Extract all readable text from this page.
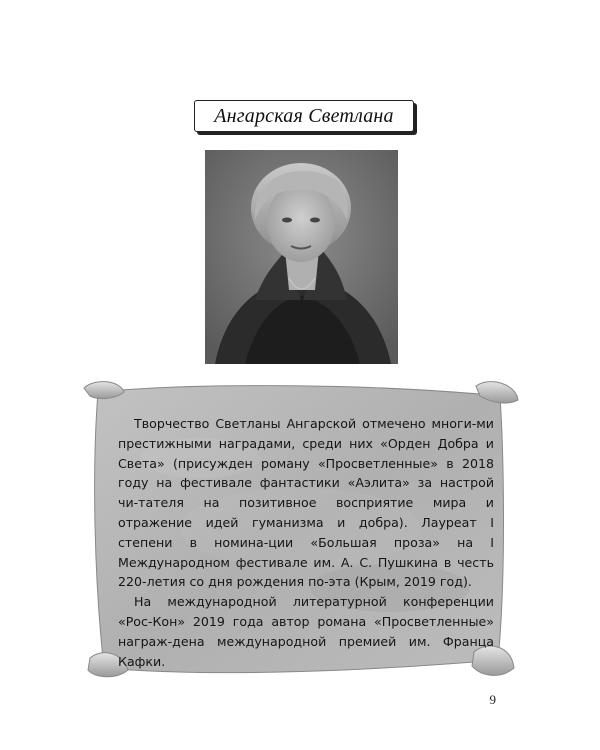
Ангарская Светлана

Творчество Светланы Ангарской отмечено многи-ми престижными наградами, среди них «Орден Добра и Света» (присужден роману «Просветленные» в 2018 году на фестивале фантастики «Аэлита» за настрой чи-тателя на позитивное восприятие мира и отражение идей гуманизма и добра). Лауреат I степени в номина-ции «Большая проза» на I Международном фестивале им. А. С. Пушкина в честь 220-летия со дня рождения по-эта (Крым, 2019 год).

На международной литературной конференции «Рос-Кон» 2019 года автор романа «Просветленные» награж-дена международной премией им. Франца Кафки.

9
